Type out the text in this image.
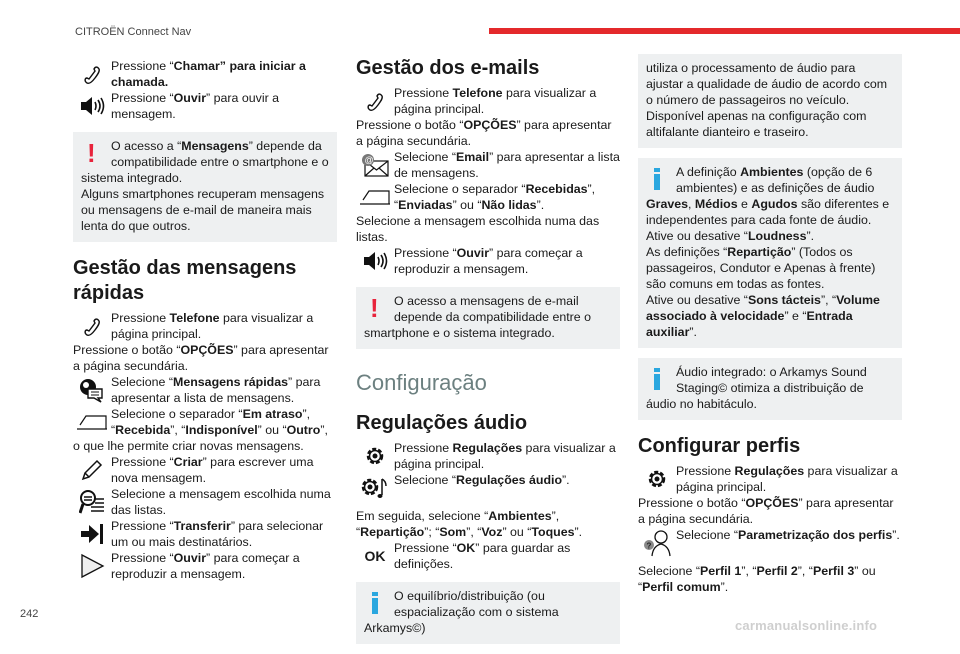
CITROËN Connect Nav
242
carmanualsonline.info
Pressione “Chamar” para iniciar a chamada.
Pressione “Ouvir” para ouvir a mensagem.
! O acesso a “Mensagens” depende da compatibilidade entre o smartphone e o sistema integrado.
Alguns smartphones recuperam mensagens ou mensagens de e-mail de maneira mais lenta do que outros.
Gestão das mensagens rápidas
Pressione Telefone para visualizar a página principal.

Pressione o botão “OPÇÕES” para apresentar a página secundária.

Selecione “Mensagens rápidas” para apresentar a lista de mensagens.
Selecione o separador “Em atraso”, “Recebida”, “Indisponível” ou “Outro”, o que lhe permite criar novas mensagens.
Pressione “Criar” para escrever uma nova mensagem.
Selecione a mensagem escolhida numa das listas.
Pressione “Transferir” para selecionar um ou mais destinatários.
Pressione “Ouvir” para começar a reproduzir a mensagem.
Gestão dos e-mails
Pressione Telefone para visualizar a página principal.

Pressione o botão “OPÇÕES” para apresentar a página secundária.

@ Selecione “Email” para apresentar a lista de mensagens.
Selecione o separador “Recebidas”, “Enviadas” ou “Não lidas”.

Selecione a mensagem escolhida numa das listas.

Pressione “Ouvir” para começar a reproduzir a mensagem.
! O acesso a mensagens de e-mail depende da compatibilidade entre o smartphone e o sistema integrado.
Configuração
Regulações áudio
Pressione Regulações para visualizar a página principal.
Selecione “Regulações áudio”.

Em seguida, selecione “Ambientes”, “Repartição”; “Som”, “Voz” ou “Toques”.

OK Pressione “OK” para guardar as definições.
O equilíbrio/distribuição (ou espacialização com o sistema Arkamys©)
utiliza o processamento de áudio para ajustar a qualidade de áudio de acordo com o número de passageiros no veículo.
Disponível apenas na configuração com altifalante dianteiro e traseiro.
A definição Ambientes (opção de 6 ambientes) e as definições de áudio Graves, Médios e Agudos são diferentes e independentes para cada fonte de áudio.
Ative ou desative “Loudness”.
As definições “Repartição” (Todos os passageiros, Condutor e Apenas à frente) são comuns em todas as fontes.
Ative ou desative “Sons tácteis”, “Volume associado à velocidade” e “Entrada auxiliar”.
Áudio integrado: o Arkamys Sound Staging© otimiza a distribuição de áudio no habitáculo.
Configurar perfis
Pressione Regulações para visualizar a página principal.

Pressione o botão “OPÇÕES” para apresentar a página secundária.

?
Selecione “Parametrização dos perfis”.

Selecione “Perfil 1”, “Perfil 2”, “Perfil 3” ou “Perfil comum”.
